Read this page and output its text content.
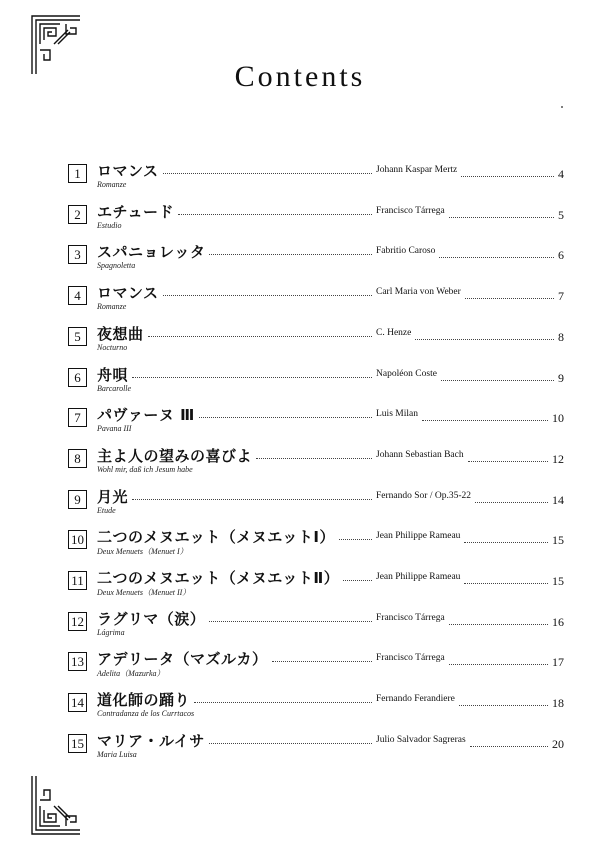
Contents
1	ロマンス
Romanze
Johann Kaspar Mertz	4
2	エチュード
Estudio
Francisco Tárrega	5
3	スパニョレッタ
Spagnoletta
Fabritio Caroso	6
4	ロマンス
Romanze
Carl Maria von Weber	7
5	夜想曲
Nocturno
C. Henze	8
6	舟唄
Barcarolle
Napoléon Coste	9
7	パヴァーヌ Ⅲ
Pavana III
Luis Milan	10
8	主よ人の望みの喜びよ
Wohl mir, daß ich Jesum habe
Johann Sebastian Bach	12
9	月光
Etude
Fernando Sor / Op.35-22	14
10 二つのメヌエット（メヌエットⅠ）
Deux Menuets（Menuet I）
Jean Philippe Rameau	15
11 二つのメヌエット（メヌエットⅡ）
Deux Menuets（Menuet II）
Jean Philippe Rameau	15
12 ラグリマ（涙）
Lágrima
Francisco Tárrega	16
13 アデリータ（マズルカ）
Adelita（Mazurka）
Francisco Tárrega	17
14 道化師の踊り
Contradanza de los Currtacos
Fernando Ferandiere	18
15 マリア・ルイサ
Maria Luisa
Julio Salvador Sagreras	20
